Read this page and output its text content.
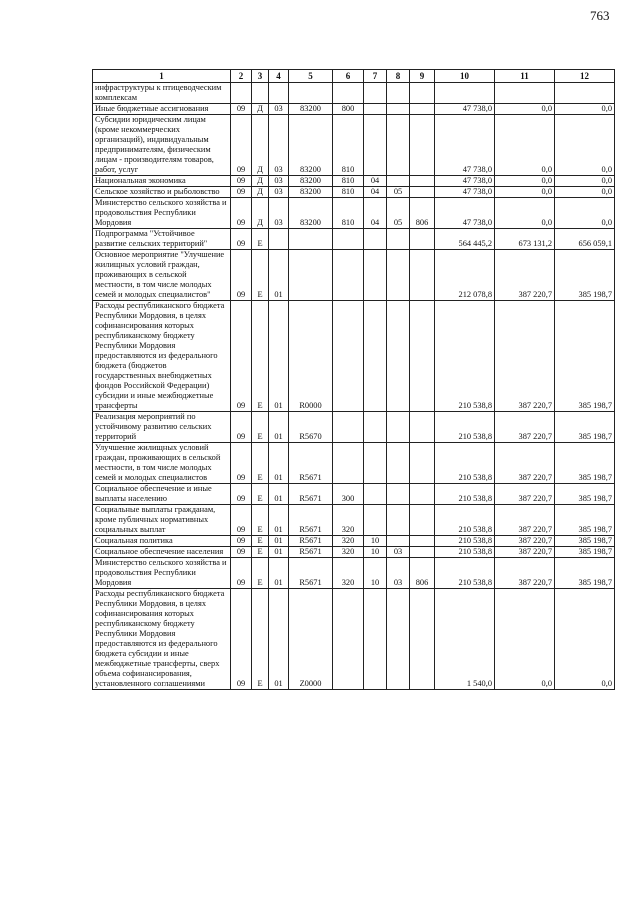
763
1	2	3	4	5	6	7	8	9	10	11	12
инфраструктуры к птицеводческим комплексам											
Иные бюджетные ассигнования	09	Д	03	83200	800				47 738,0	0,0	0,0
Субсидии юридическим лицам (кроме некоммерческих организаций), индивидуальным предпринимателям, физическим лицам - производителям товаров, работ, услуг	09	Д	03	83200	810				47 738,0	0,0	0,0
Национальная экономика	09	Д	03	83200	810	04			47 738,0	0,0	0,0
Сельское хозяйство и рыболовство	09	Д	03	83200	810	04	05		47 738,0	0,0	0,0
Министерство сельского хозяйства и продовольствия Республики Мордовия	09	Д	03	83200	810	04	05	806	47 738,0	0,0	0,0
Подпрограмма "Устойчивое развитие сельских территорий"	09	Е							564 445,2	673 131,2	656 059,1
Основное мероприятие "Улучшение жилищных условий граждан, проживающих в сельской местности, в том числе молодых семей и молодых специалистов"	09	Е	01						212 078,8	387 220,7	385 198,7
Расходы республиканского бюджета Республики Мордовия, в целях софинансирования которых республиканскому бюджету Республики Мордовия предоставляются из федерального бюджета (бюджетов государственных внебюджетных фондов Российской Федерации) субсидии и иные межбюджетные трансферты	09	Е	01	R0000					210 538,8	387 220,7	385 198,7
Реализация мероприятий по устойчивому развитию сельских территорий	09	Е	01	R5670					210 538,8	387 220,7	385 198,7
Улучшение жилищных условий граждан, проживающих в сельской местности, в том числе молодых семей и молодых специалистов	09	Е	01	R5671					210 538,8	387 220,7	385 198,7
Социальное обеспечение и иные выплаты населению	09	Е	01	R5671	300				210 538,8	387 220,7	385 198,7
Социальные выплаты гражданам, кроме публичных нормативных социальных выплат	09	Е	01	R5671	320				210 538,8	387 220,7	385 198,7
Социальная политика	09	Е	01	R5671	320	10			210 538,8	387 220,7	385 198,7
Социальное обеспечение населения	09	Е	01	R5671	320	10	03		210 538,8	387 220,7	385 198,7
Министерство сельского хозяйства и продовольствия Республики Мордовия	09	Е	01	R5671	320	10	03	806	210 538,8	387 220,7	385 198,7
Расходы республиканского бюджета Республики Мордовия, в целях софинансирования которых республиканскому бюджету Республики Мордовия предоставляются из федерального бюджета субсидии и иные межбюджетные трансферты, сверх объема софинансирования, установленного соглашениями	09	Е	01	Z0000					1 540,0	0,0	0,0
